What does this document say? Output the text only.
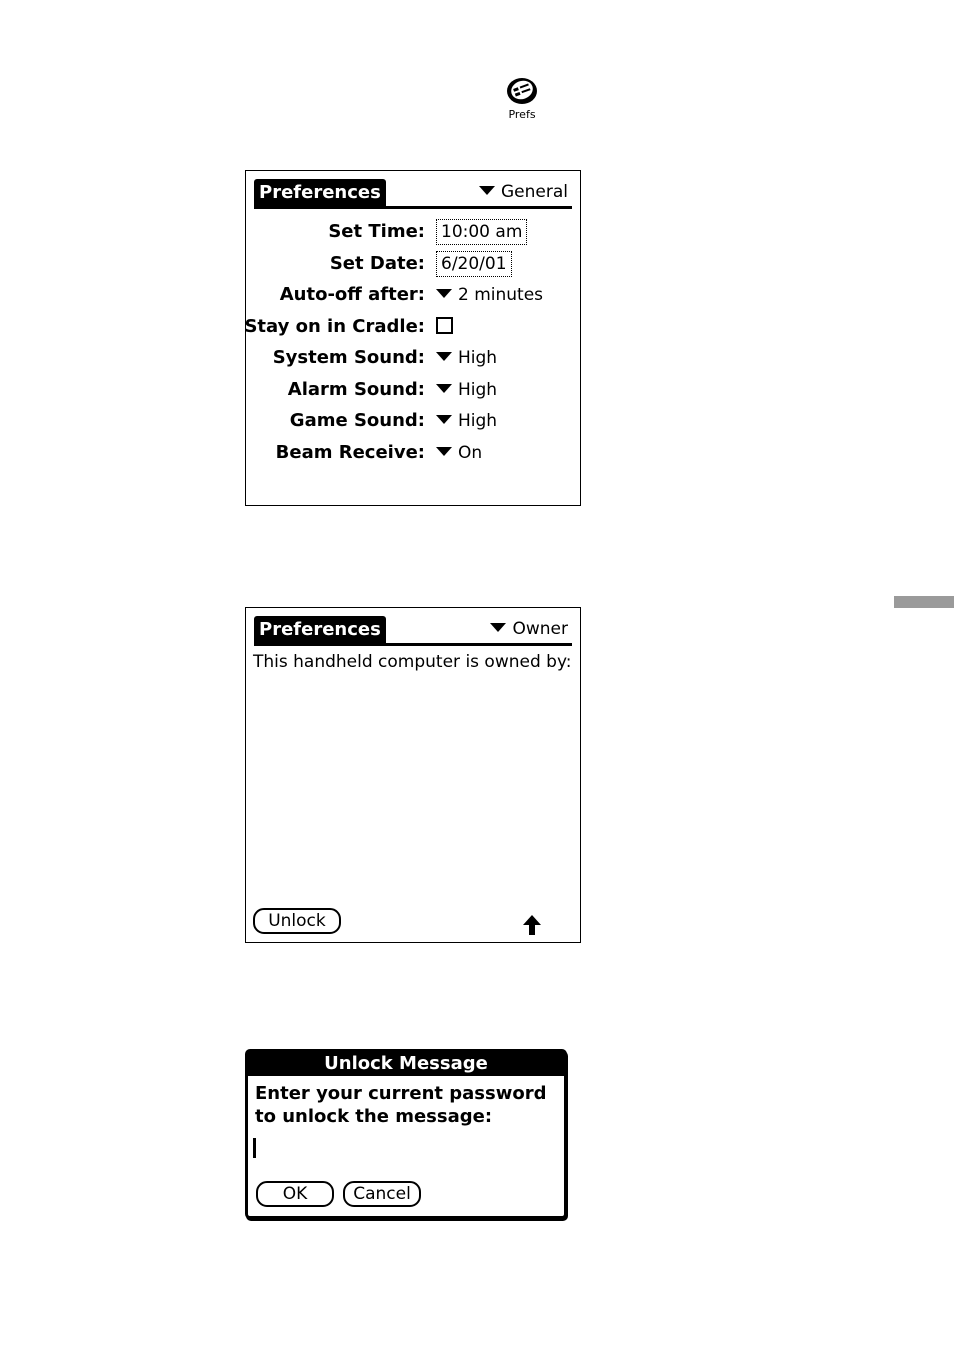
Prefs
Preferences	General
Set Time: 10:00 am
Set Date: 6/20/01
Auto-off after:	2 minutes
Stay on in Cradle:
System Sound:	High
Alarm Sound:	High
Game Sound:	High
Beam Receive:	On
Preferences	Owner
This handheld computer is owned by:
Unlock
Unlock Message
Enter your current password
to unlock the message:
OK	Cancel
